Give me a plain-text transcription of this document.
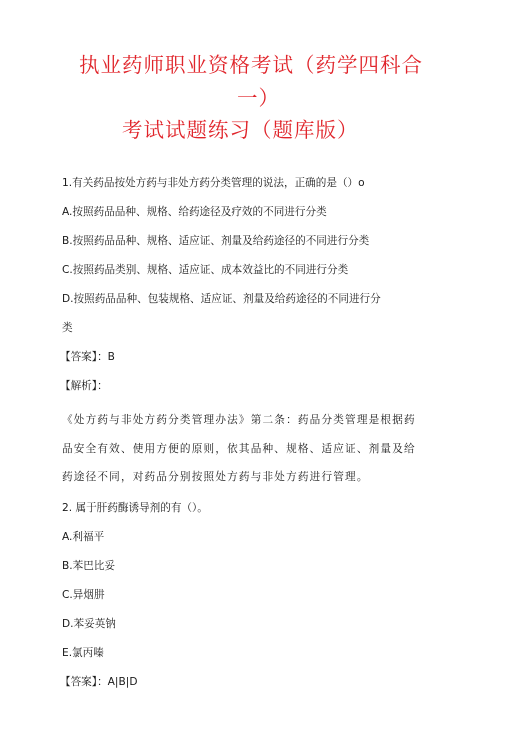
执业药师职业资格考试（药学四科合
一）
考试试题练习（题库版）
1.有关药品按处方药与非处方药分类管理的说法，正确的是（）o
A.按照药品品种、规格、给药途径及疗效的不同进行分类
B.按照药品品种、规格、适应证、剂量及给药途径的不同进行分类
C.按照药品类别、规格、适应证、成本效益比的不同进行分类
D.按照药品品种、包装规格、适应证、剂量及给药途径的不同进行分
类
【答案】：B
【解析】：
《处方药与非处方药分类管理办法》第二条：药品分类管理是根据药
品安全有效、使用方便的原则，依其品种、规格、适应证、剂量及给
药途径不同，对药品分别按照处方药与非处方药进行管理。
2. 属于肝药酶诱导剂的有（）。
A.利福平
B.苯巴比妥
C.异烟肼
D.苯妥英钠
E.氯丙嗪
【答案】：A|B|D
